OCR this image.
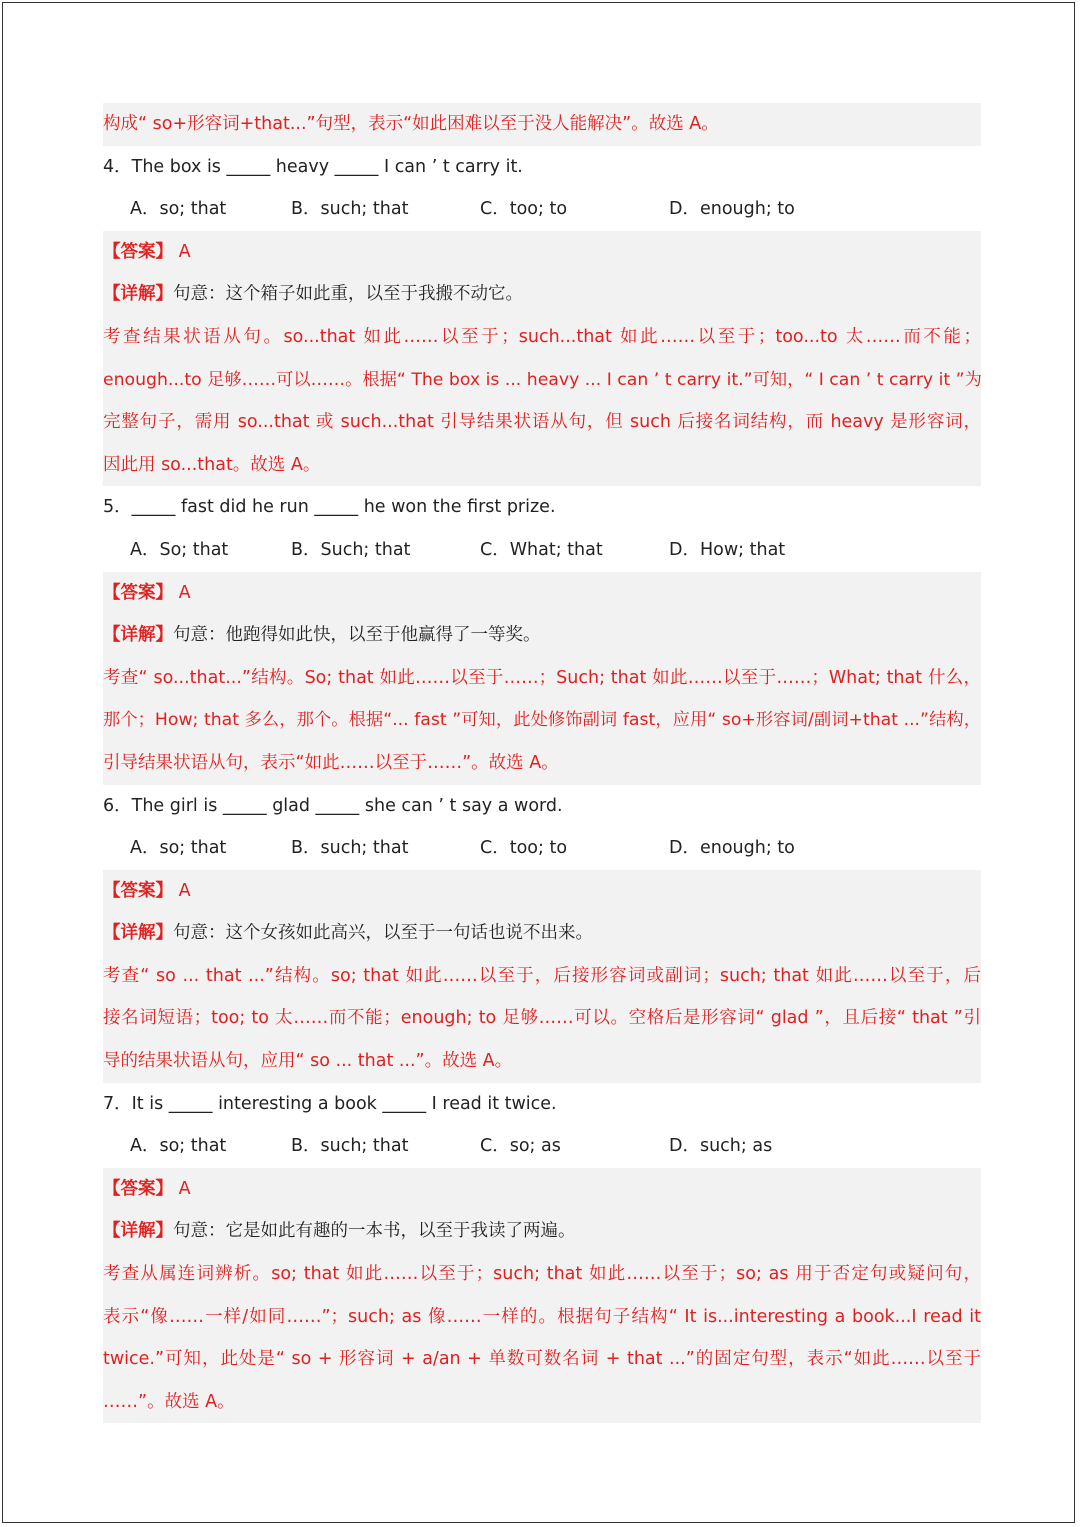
构成“ so+形容词+that...”句型，表示“如此困难以至于没人能解决”。故选 A。
4．The box is _____ heavy _____ I can ’ t carry it.
A．so; that	B．such; that	C．too; to	D．enough; to
【答案】 A
【详解】句意：这个箱子如此重，以至于我搬不动它。
考查结果状语从句。so...that 如此……以至于；such...that 如此……以至于；too...to 太……而不能；
enough...to 足够……可以……。根据“ The box is ... heavy ... I can ’ t carry it.”可知，“ I can ’ t carry it ”为
完整句子，需用 so...that 或 such...that 引导结果状语从句，但 such 后接名词结构，而 heavy 是形容词，
因此用 so...that。故选 A。
5．_____ fast did he run _____ he won the first prize.
A．So; that	B．Such; that	C．What; that	D．How; that
【答案】 A
【详解】句意：他跑得如此快，以至于他赢得了一等奖。
考查“ so...that...”结构。So; that 如此……以至于……；Such; that 如此……以至于……；What; that 什么，
那个；How; that 多么，那个。根据“... fast ”可知，此处修饰副词 fast，应用“ so+形容词/副词+that ...”结构，
引导结果状语从句，表示“如此……以至于……”。故选 A。
6．The girl is _____ glad _____ she can ’ t say a word.
A．so; that	B．such; that	C．too; to	D．enough; to
【答案】 A
【详解】句意：这个女孩如此高兴，以至于一句话也说不出来。
考查“ so ... that ...”结构。so; that 如此……以至于，后接形容词或副词；such; that 如此……以至于，后
接名词短语；too; to 太……而不能；enough; to 足够……可以。空格后是形容词“ glad ”，且后接“ that ”引
导的结果状语从句，应用“ so ... that ...”。故选 A。
7．It is _____ interesting a book _____ I read it twice.
A．so; that	B．such; that	C．so; as	D．such; as
【答案】 A
【详解】句意：它是如此有趣的一本书，以至于我读了两遍。
考查从属连词辨析。so; that 如此……以至于；such; that 如此……以至于；so; as 用于否定句或疑问句，
表示“像……一样/如同……”；such; as 像……一样的。根据句子结构“ It is...interesting a book...I read it
twice.”可知，此处是“ so + 形容词 + a/an + 单数可数名词 + that ...”的固定句型，表示“如此……以至于
……”。故选 A。
